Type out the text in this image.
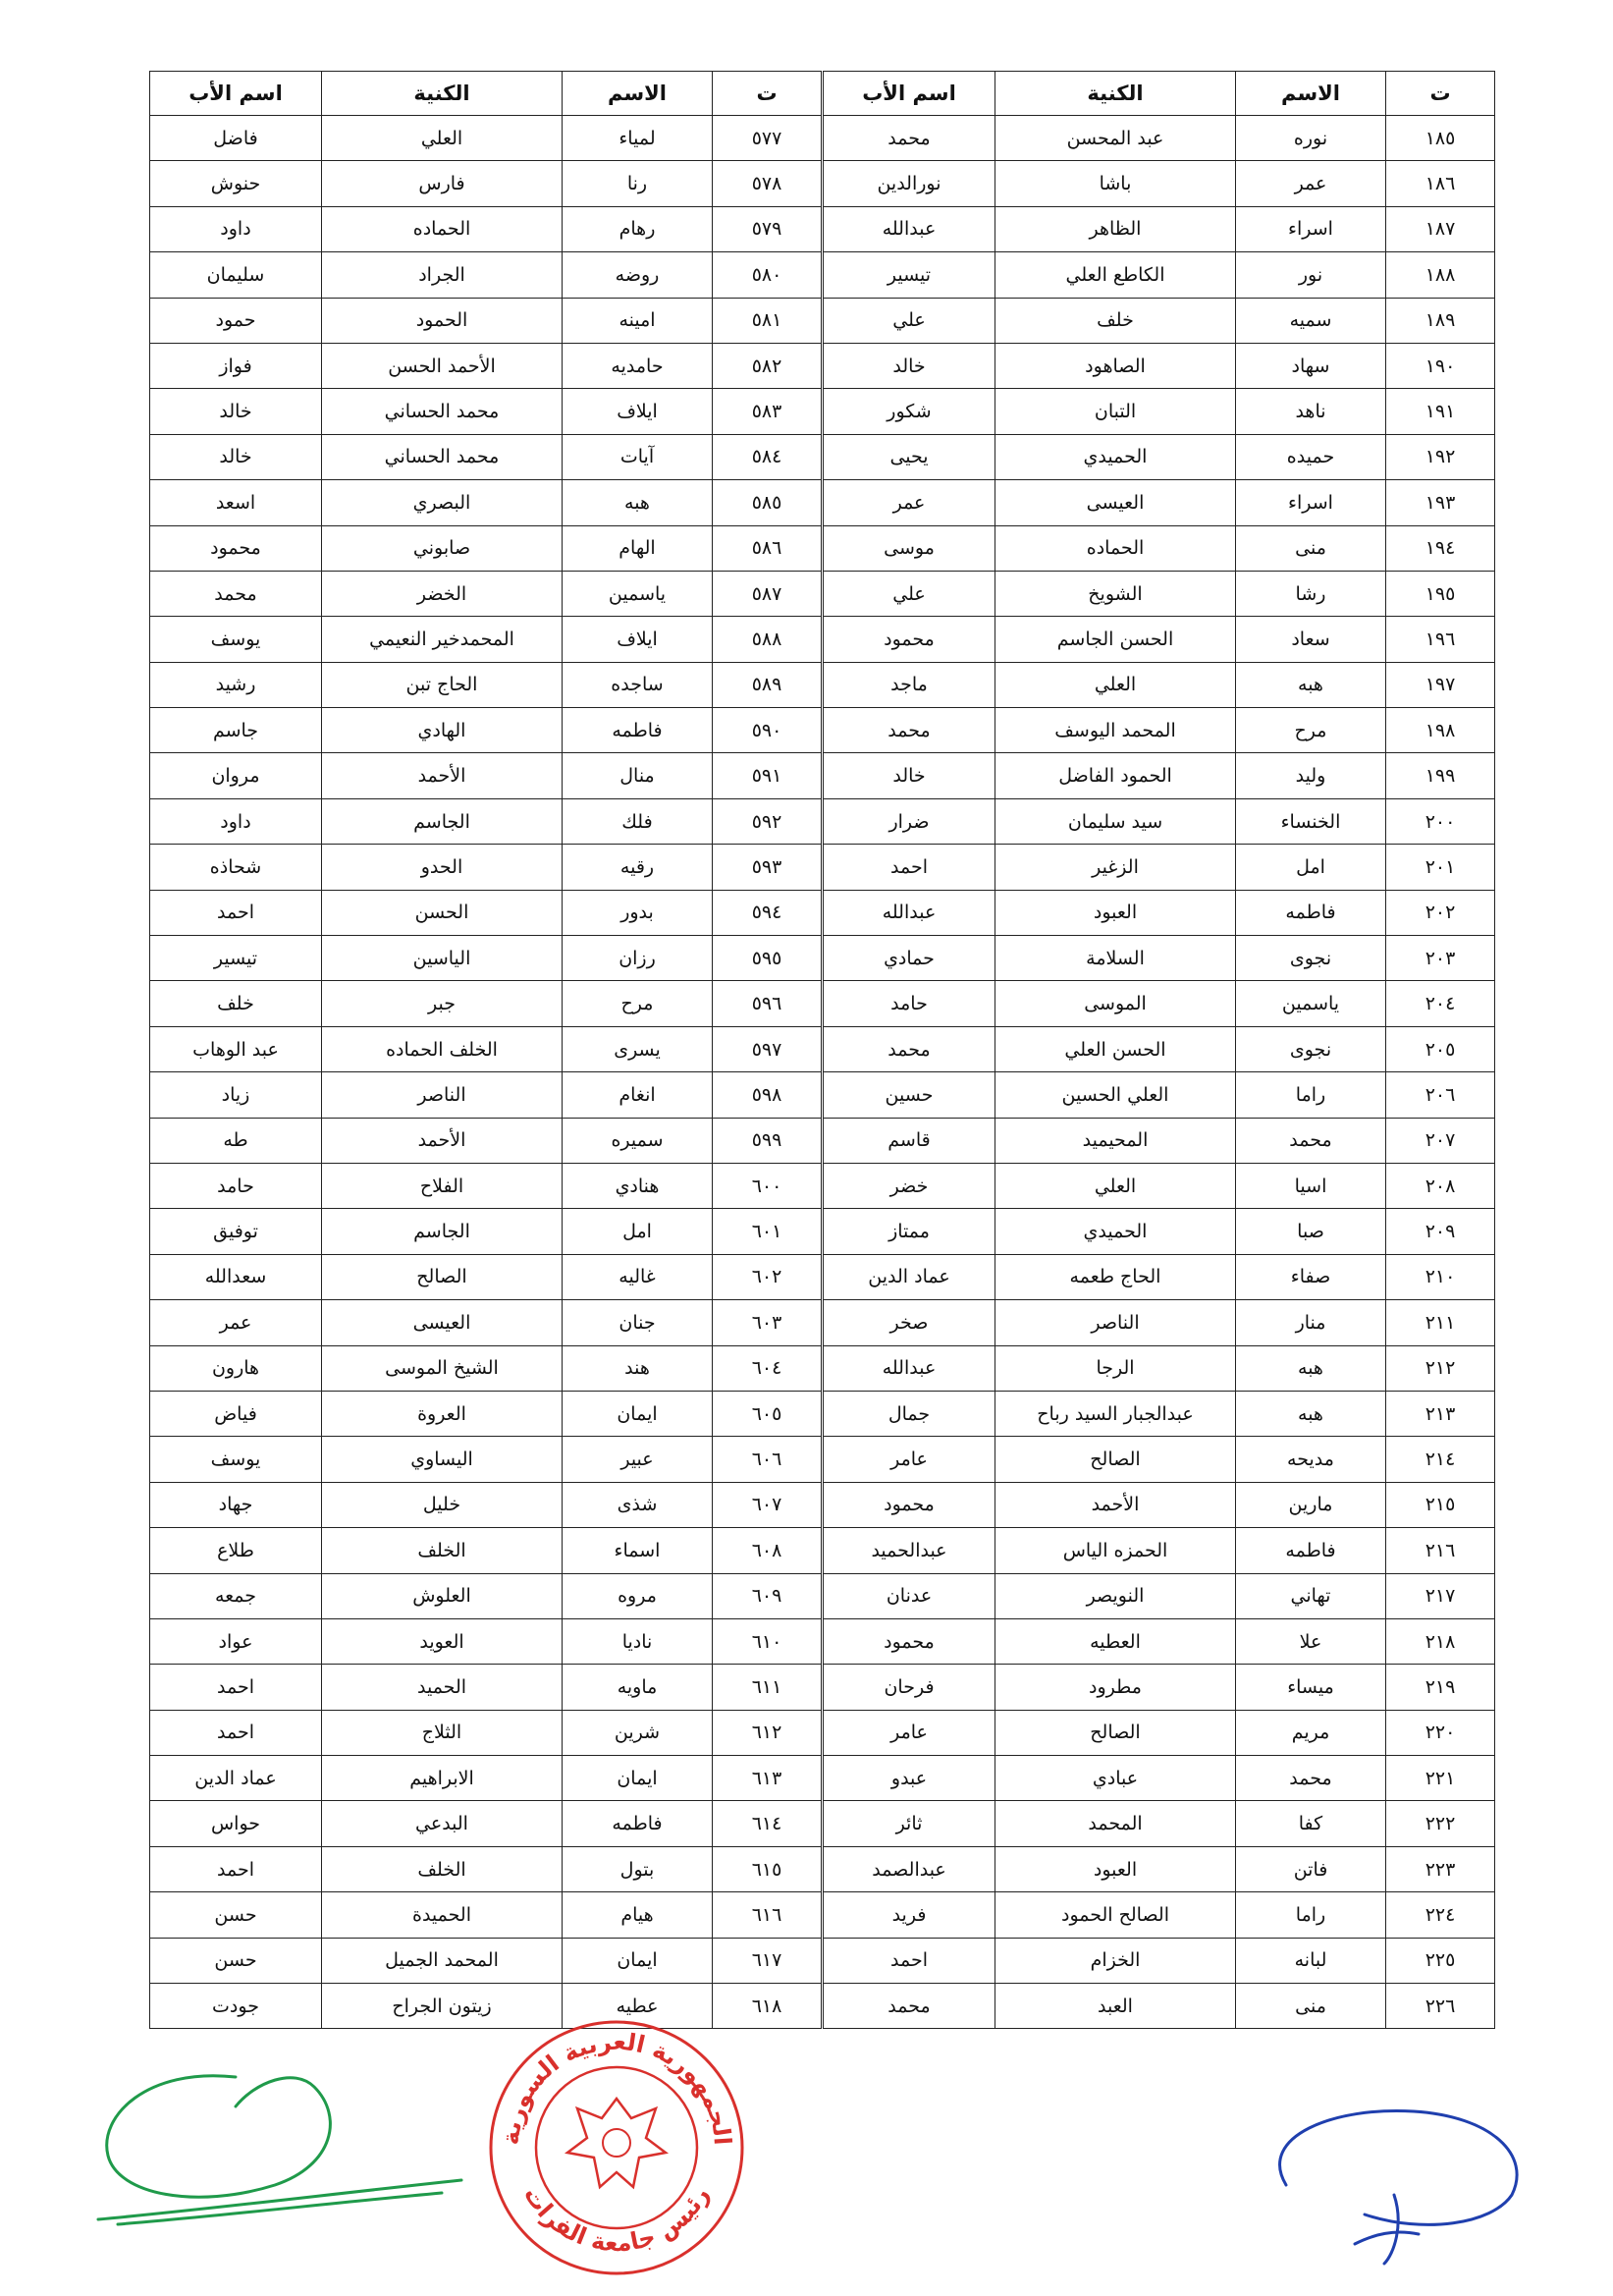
ت	الاسم	الكنية	اسم الأب	ت	الاسم	الكنية	اسم الأب
١٨٥	نوره	عبد المحسن	محمد	٥٧٧	لمياء	العلي	فاضل
١٨٦	عمر	باشا	نورالدين	٥٧٨	رنا	فارس	حنوش
١٨٧	اسراء	الظاهر	عبدالله	٥٧٩	رهام	الحماده	داود
١٨٨	نور	الكاطع العلي	تيسير	٥٨٠	روضه	الجراد	سليمان
١٨٩	سميه	خلف	علي	٥٨١	امينه	الحمود	حمود
١٩٠	سهاد	الصاهود	خالد	٥٨٢	حامديه	الأحمد الحسن	فواز
١٩١	ناهد	التبان	شكور	٥٨٣	ايلاف	محمد الحساني	خالد
١٩٢	حميده	الحميدي	يحيى	٥٨٤	آيات	محمد الحساني	خالد
١٩٣	اسراء	العيسى	عمر	٥٨٥	هبه	البصري	اسعد
١٩٤	منى	الحماده	موسى	٥٨٦	الهام	صابوني	محمود
١٩٥	رشا	الشويخ	علي	٥٨٧	ياسمين	الخضر	محمد
١٩٦	سعاد	الحسن الجاسم	محمود	٥٨٨	ايلاف	المحمدخير النعيمي	يوسف
١٩٧	هبه	العلي	ماجد	٥٨٩	ساجده	الحاج تبن	رشيد
١٩٨	مرح	المحمد اليوسف	محمد	٥٩٠	فاطمه	الهادي	جاسم
١٩٩	وليد	الحمود الفاضل	خالد	٥٩١	منال	الأحمد	مروان
٢٠٠	الخنساء	سيد سليمان	ضرار	٥٩٢	فلك	الجاسم	داود
٢٠١	امل	الزغير	احمد	٥٩٣	رقيه	الحدو	شحاذه
٢٠٢	فاطمه	العبود	عبدالله	٥٩٤	بدور	الحسن	احمد
٢٠٣	نجوى	السلامة	حمادي	٥٩٥	رزان	الياسين	تيسير
٢٠٤	ياسمين	الموسى	حامد	٥٩٦	مرح	جبر	خلف
٢٠٥	نجوى	الحسن العلي	محمد	٥٩٧	يسرى	الخلف الحماده	عبد الوهاب
٢٠٦	راما	العلي الحسين	حسين	٥٩٨	انغام	الناصر	زياد
٢٠٧	محمد	المحيميد	قاسم	٥٩٩	سميره	الأحمد	طه
٢٠٨	اسيا	العلي	خضر	٦٠٠	هنادي	الفلاح	حامد
٢٠٩	صبا	الحميدي	ممتاز	٦٠١	امل	الجاسم	توفيق
٢١٠	صفاء	الحاج طعمه	عماد الدين	٦٠٢	غاليه	الصالح	سعدالله
٢١١	منار	الناصر	صخر	٦٠٣	جنان	العيسى	عمر
٢١٢	هبه	الرجا	عبدالله	٦٠٤	هند	الشيخ الموسى	هارون
٢١٣	هبه	عبدالجبار السيد رباح	جمال	٦٠٥	ايمان	العروة	فياض
٢١٤	مديحه	الصالح	عامر	٦٠٦	عبير	اليساوي	يوسف
٢١٥	مارين	الأحمد	محمود	٦٠٧	شذى	خليل	جهاد
٢١٦	فاطمه	الحمزه الياس	عبدالحميد	٦٠٨	اسماء	الخلف	طلاع
٢١٧	تهاني	النويصر	عدنان	٦٠٩	مروه	العلوش	جمعه
٢١٨	علا	العطيه	محمود	٦١٠	ناديا	العويد	عواد
٢١٩	ميساء	مطرود	فرحان	٦١١	ماويه	الحميد	احمد
٢٢٠	مريم	الصالح	عامر	٦١٢	شرين	الثلاج	احمد
٢٢١	محمد	عبادي	عبدو	٦١٣	ايمان	الابراهيم	عماد الدين
٢٢٢	كفا	المحمد	ثائر	٦١٤	فاطمه	البدعي	حواس
٢٢٣	فاتن	العبود	عبدالصمد	٦١٥	بتول	الخلف	احمد
٢٢٤	راما	الصالح الحمود	فريد	٦١٦	هيام	الحميدة	حسن
٢٢٥	لبانه	الخزام	احمد	٦١٧	ايمان	المحمد الجميل	حسن
٢٢٦	منى	العبد	محمد	٦١٨	عطيه	زيتون الجراح	جودت
الجمهورية العربية السورية
رئيس جامعة الفرات
